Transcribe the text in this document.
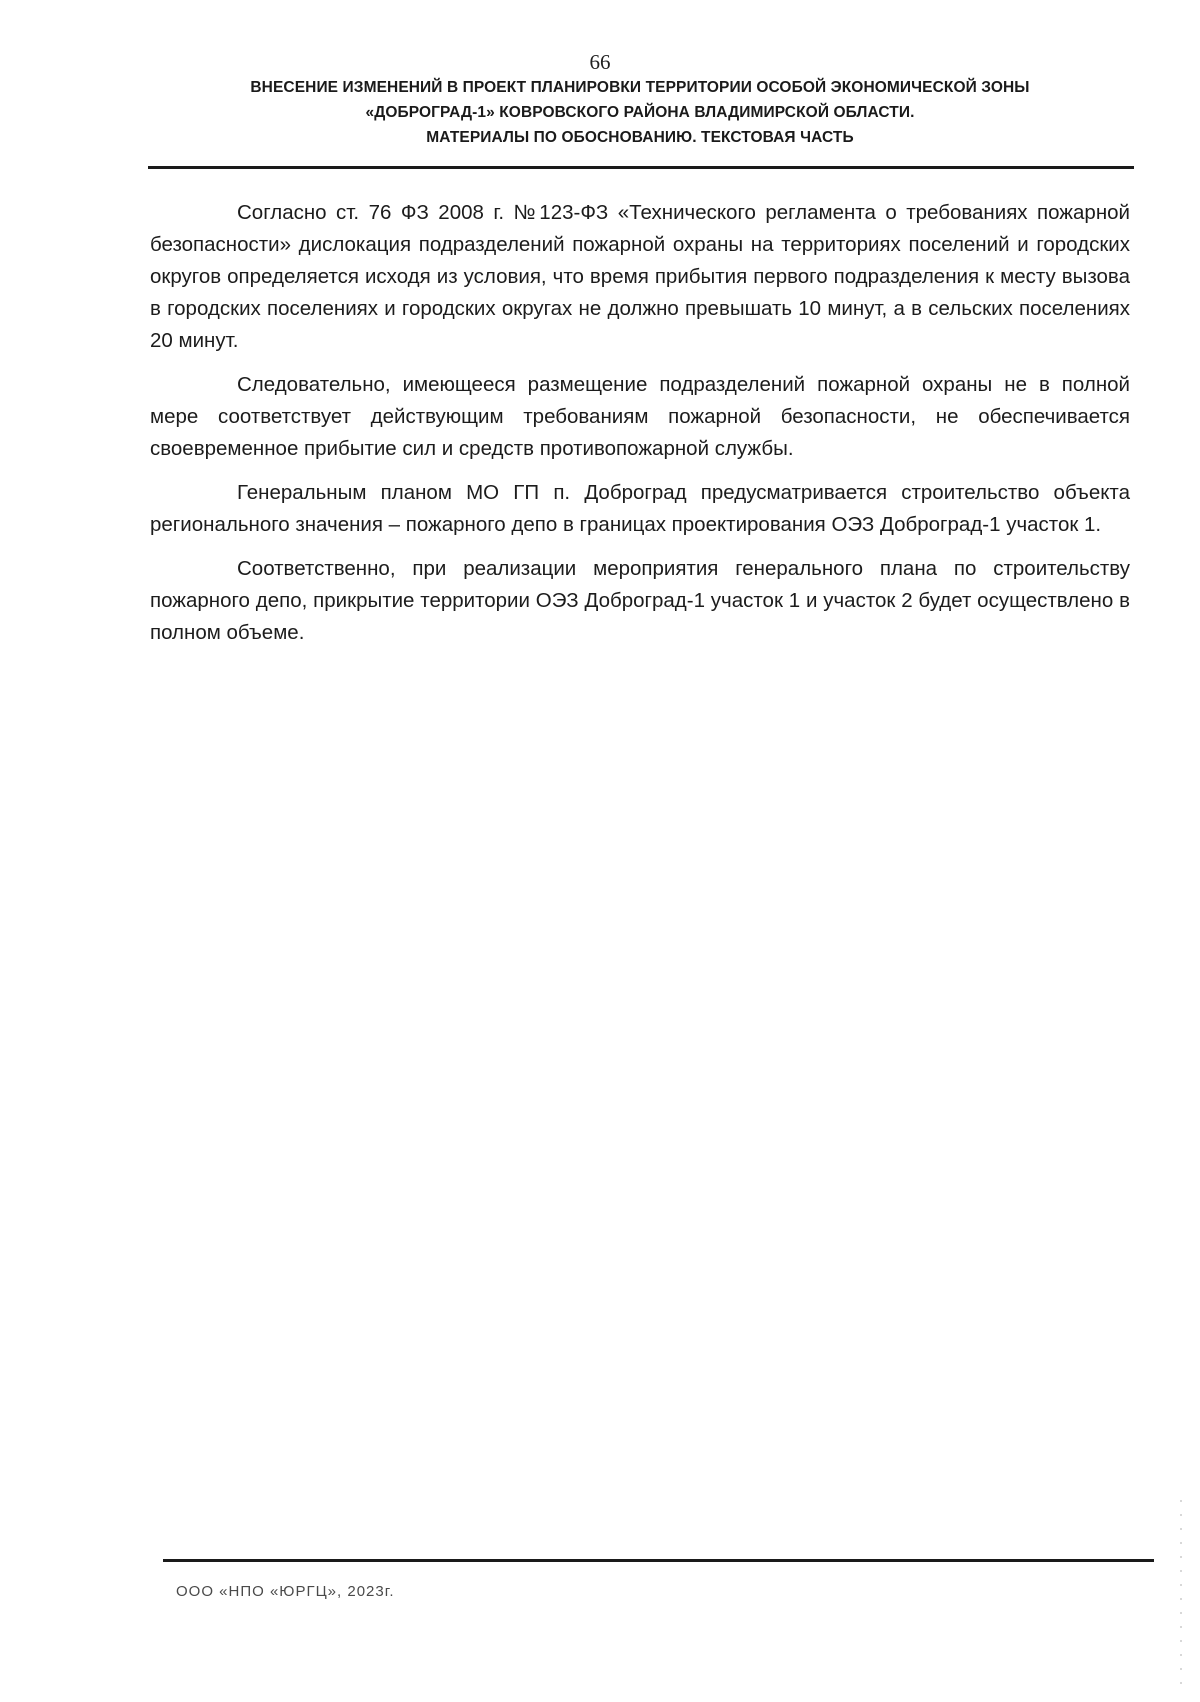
66
ВНЕСЕНИЕ ИЗМЕНЕНИЙ В ПРОЕКТ ПЛАНИРОВКИ ТЕРРИТОРИИ ОСОБОЙ ЭКОНОМИЧЕСКОЙ ЗОНЫ
«ДОБРОГРАД-1» КОВРОВСКОГО РАЙОНА ВЛАДИМИРСКОЙ ОБЛАСТИ.
МАТЕРИАЛЫ ПО ОБОСНОВАНИЮ. ТЕКСТОВАЯ ЧАСТЬ

Согласно ст. 76 ФЗ 2008 г. №123-ФЗ «Технического регламента о требованиях пожарной безопасности» дислокация подразделений пожарной охраны на территориях поселений и городских округов определяется исходя из условия, что время прибытия первого подразделения к месту вызова в городских поселениях и городских округах не должно превышать 10 минут, а в сельских поселениях 20 минут.

Следовательно, имеющееся размещение подразделений пожарной охраны не в полной мере соответствует действующим требованиям пожарной безопасности, не обеспечивается своевременное прибытие сил и средств противопожарной службы.

Генеральным планом МО ГП п. Доброград предусматривается строительство объекта регионального значения – пожарного депо в границах проектирования ОЭЗ Доброград-1 участок 1.

Соответственно, при реализации мероприятия генерального плана по строительству пожарного депо, прикрытие территории ОЭЗ Доброград-1 участок 1 и участок 2 будет осуществлено в полном объеме.

ООО «НПО «ЮРГЦ», 2023г.
